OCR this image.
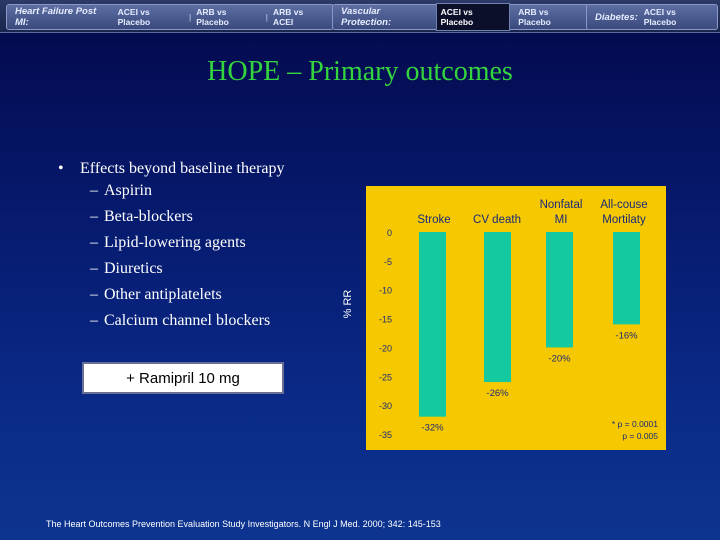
Heart Failure Post MI:
ACEI vs Placebo	| ARB vs Placebo	| ARB vs ACEI
Vascular Protection:
ACEI vs Placebo
ARB vs Placebo	Diabetes: ACEI vs Placebo
HOPE – Primary outcomes
• Effects beyond baseline therapy
– Aspirin
– Beta-blockers
– Lipid-lowering agents
– Diuretics
– Other antiplatelets
– Calcium channel blockers
+ Ramipril 10 mg
% RR
0
-5
-10
-15
-20
-25
-30
-35
-32%
-26%
-20%
-16%
Stroke CV death
Nonfatal
MI
All-couse
Mortilaty
* p = 0.0001
p = 0.005
The Heart Outcomes Prevention Evaluation Study Investigators. N Engl J Med. 2000; 342: 145-153
